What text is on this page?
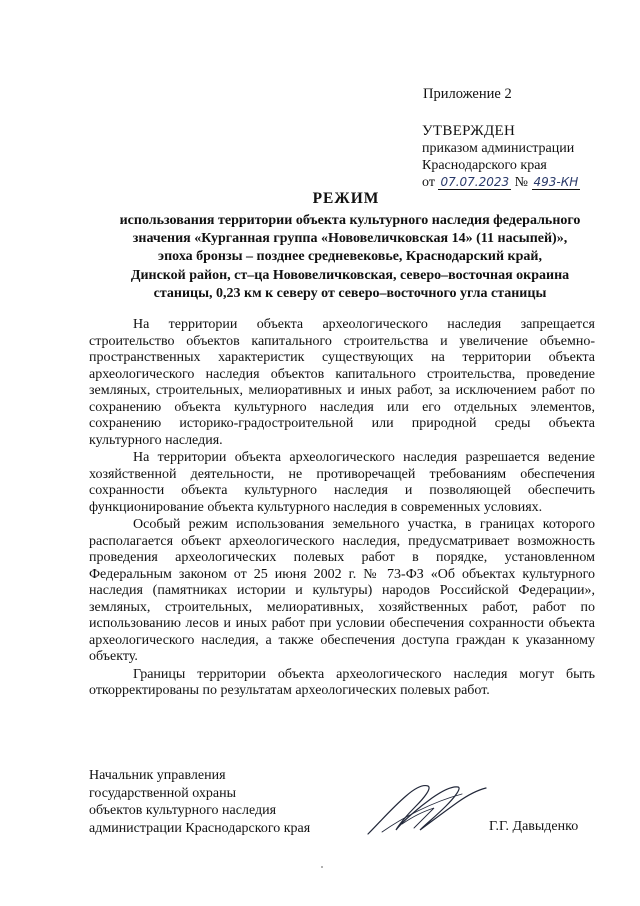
Приложение 2
УТВЕРЖДЕН
приказом администрации
Краснодарского края
от 07.07.2023 № 493-КН
РЕЖИМ
использования территории объекта культурного наследия федерального
значения «Курганная группа «Нововеличковская 14» (11 насыпей)»,
эпоха бронзы – позднее средневековье, Краснодарский край,
Динской район, ст–ца Нововеличковская, северо–восточная окраина
станицы, 0,23 км к северу от северо–восточного угла станицы

На территории объекта археологического наследия запрещается строительство объектов капитального строительства и увеличение объемно-пространственных характеристик существующих на территории объекта археологического наследия объектов капитального строительства, проведение земляных, строительных, мелиоративных и иных работ, за исключением работ по сохранению объекта культурного наследия или его отдельных элементов, сохранению историко-градостроительной или природной среды объекта культурного наследия.

На территории объекта археологического наследия разрешается ведение хозяйственной деятельности, не противоречащей требованиям обеспечения сохранности объекта культурного наследия и позволяющей обеспечить функционирование объекта культурного наследия в современных условиях.

Особый режим использования земельного участка, в границах которого располагается объект археологического наследия, предусматривает возможность проведения археологических полевых работ в порядке, установленном Федеральным законом от 25 июня 2002 г. № 73-ФЗ «Об объектах культурного наследия (памятниках истории и культуры) народов Российской Федерации», земляных, строительных, мелиоративных, хозяйственных работ, работ по использованию лесов и иных работ при условии обеспечения сохранности объекта археологического наследия, а также обеспечения доступа граждан к указанному объекту.

Границы территории объекта археологического наследия могут быть откорректированы по результатам археологических полевых работ.

Начальник управления
государственной охраны
объектов культурного наследия
администрации Краснодарского края	Г.Г. Давыденко
